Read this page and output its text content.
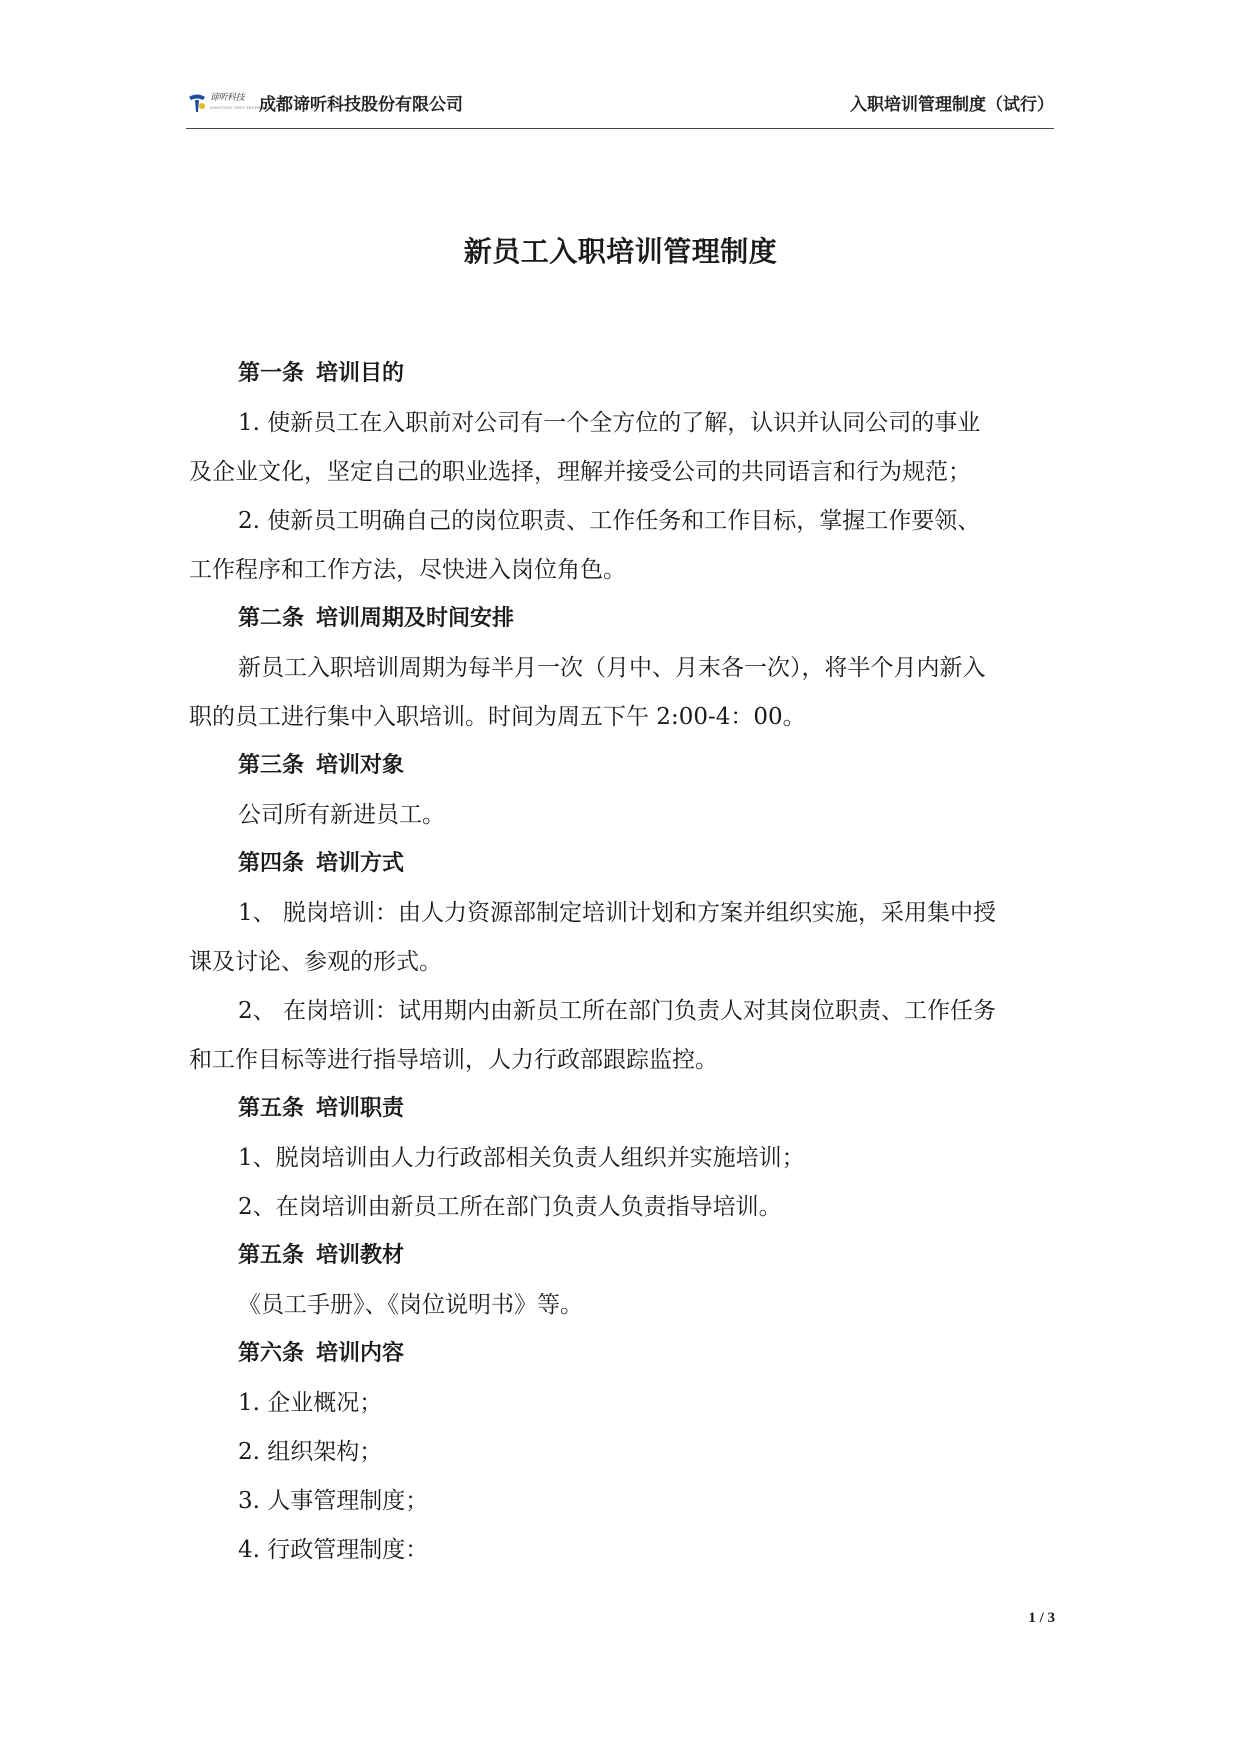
谛听科技
DINGTING TING TECHNOLOGY
成都谛听科技股份有限公司	入职培训管理制度（试行）
新员工入职培训管理制度
第一条 培训目的
1. 使新员工在入职前对公司有一个全方位的了解，认识并认同公司的事业
及企业文化，坚定自己的职业选择，理解并接受公司的共同语言和行为规范；
2. 使新员工明确自己的岗位职责、工作任务和工作目标，掌握工作要领、
工作程序和工作方法，尽快进入岗位角色。
第二条 培训周期及时间安排
新员工入职培训周期为每半月一次（月中、月末各一次），将半个月内新入
职的员工进行集中入职培训。时间为周五下午 2:00-4：00。
第三条 培训对象
公司所有新进员工。
第四条 培训方式
1、 脱岗培训：由人力资源部制定培训计划和方案并组织实施，采用集中授
课及讨论、参观的形式。
2、 在岗培训：试用期内由新员工所在部门负责人对其岗位职责、工作任务
和工作目标等进行指导培训，人力行政部跟踪监控。
第五条 培训职责
1、脱岗培训由人力行政部相关负责人组织并实施培训；
2、在岗培训由新员工所在部门负责人负责指导培训。
第五条 培训教材
《员工手册》、《岗位说明书》等。
第六条 培训内容
1. 企业概况；
2. 组织架构；
3. 人事管理制度；
4. 行政管理制度：
1 / 3
